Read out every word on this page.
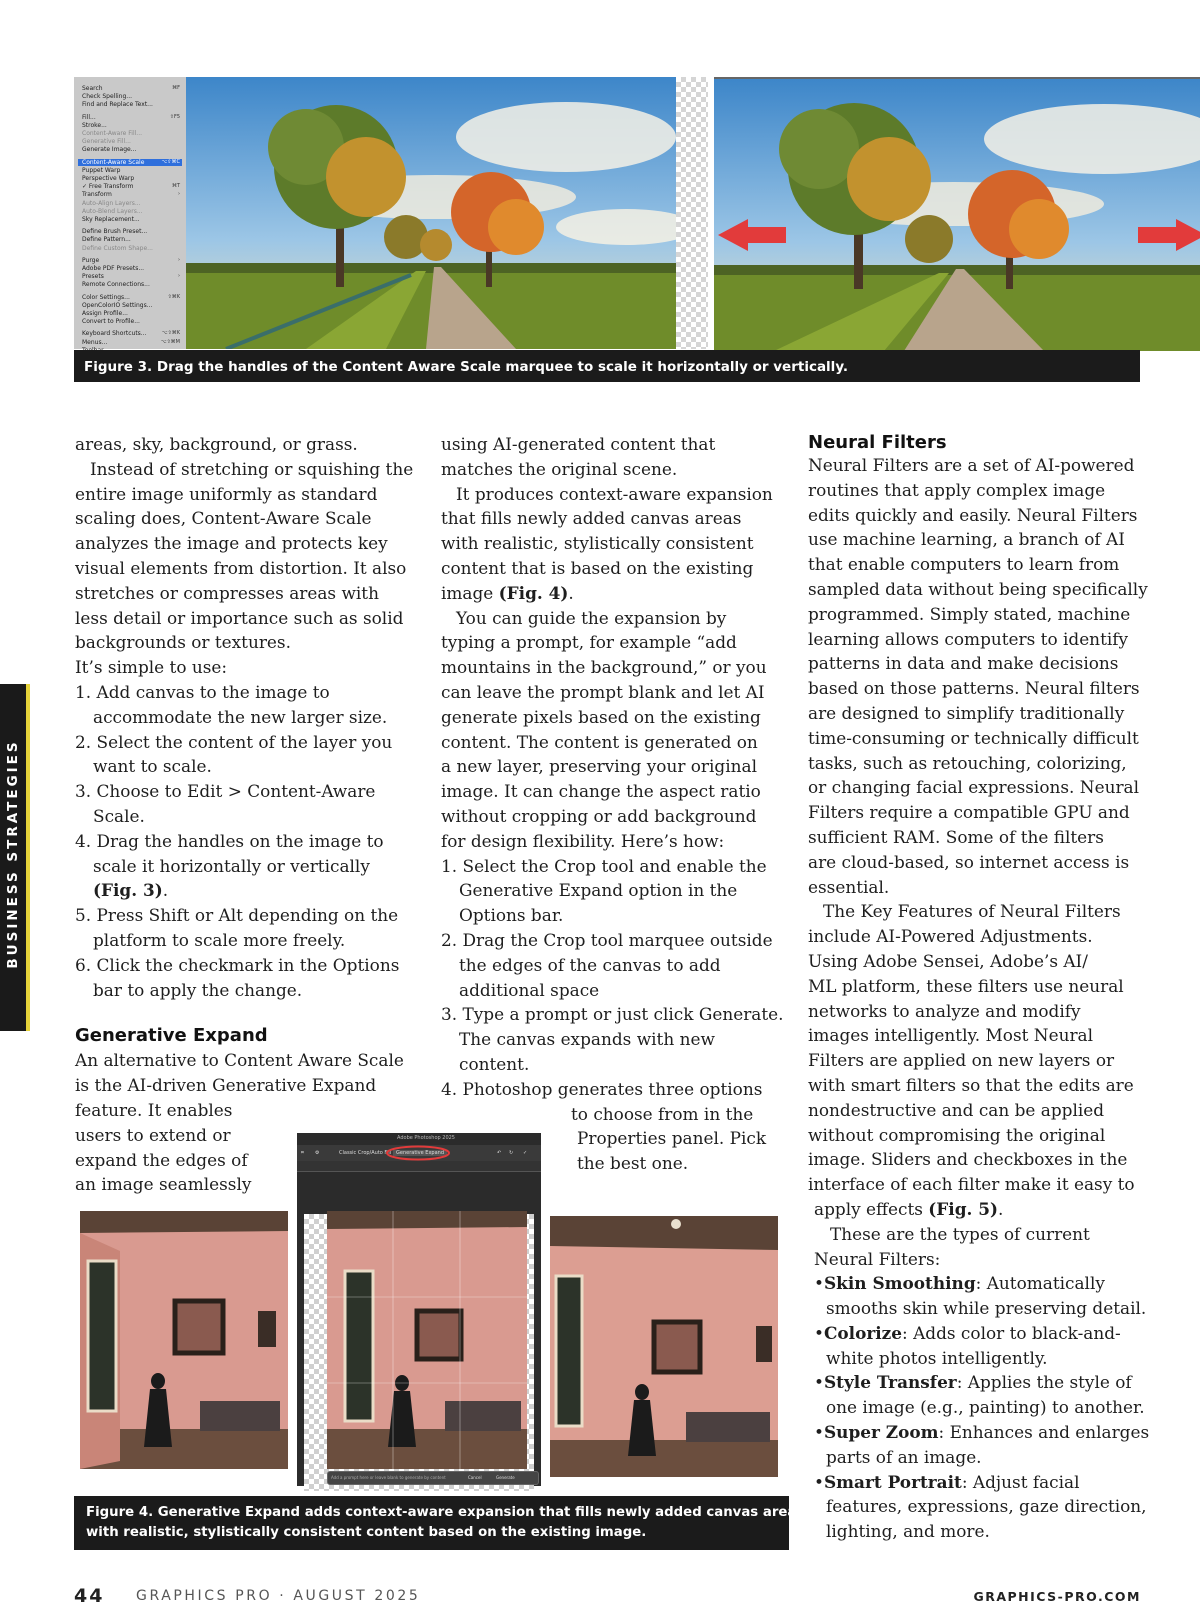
Search	⌘F
Check Spelling...
Find and Replace Text...
Fill...	⇧F5
Stroke...
Content-Aware Fill...
Generative Fill...
Generate Image...
Content-Aware Scale	⌥⇧⌘C
Puppet Warp
Perspective Warp
✓ Free Transform	⌘T
Transform	›
Auto-Align Layers...
Auto-Blend Layers...
Sky Replacement...
Define Brush Preset...
Define Pattern...
Define Custom Shape...
Purge	›
Adobe PDF Presets...
Presets	›
Remote Connections...
Color Settings...	⇧⌘K
OpenColorIO Settings...
Assign Profile...
Convert to Profile...
Keyboard Shortcuts...	⌥⇧⌘K
Menus...	⌥⇧⌘M
Figure 3. Drag the handles of the Content Aware Scale marquee to scale it horizontally or vertically.
BUSINESS STRATEGIES

areas, sky, background, or grass.

Instead of stretching or squishing the

entire image uniformly as standard

scaling does, Content-Aware Scale

analyzes the image and protects key

visual elements from distortion. It also

stretches or compresses areas with

less detail or importance such as solid

backgrounds or textures.

It’s simple to use:

1. Add canvas to the image to

accommodate the new larger size.

2. Select the content of the layer you

want to scale.

3. Choose to Edit > Content-Aware

Scale.

4. Drag the handles on the image to

scale it horizontally or vertically

(Fig. 3).

5. Press Shift or Alt depending on the

platform to scale more freely.

6. Click the checkmark in the Options

bar to apply the change.

Generative Expand

An alternative to Content Aware Scale

is the AI-driven Generative Expand

feature. It enables

users to extend or

expand the edges of

an image seamlessly

using AI-generated content that

matches the original scene.

It produces context-aware expansion

that fills newly added canvas areas

with realistic, stylistically consistent

content that is based on the existing

image (Fig. 4).

You can guide the expansion by

typing a prompt, for example “add

mountains in the background,” or you

can leave the prompt blank and let AI

generate pixels based on the existing

content. The content is generated on

a new layer, preserving your original

image. It can change the aspect ratio

without cropping or add background

for design flexibility. Here’s how:

1. Select the Crop tool and enable the

Generative Expand option in the

Options bar.

2. Drag the Crop tool marquee outside

the edges of the canvas to add

additional space

3. Type a prompt or just click Generate.

The canvas expands with new

content.

4. Photoshop generates three options

to choose from in the

Properties panel. Pick

the best one.

Neural Filters

Neural Filters are a set of AI-powered

routines that apply complex image

edits quickly and easily. Neural Filters

use machine learning, a branch of AI

that enable computers to learn from

sampled data without being specifically

programmed. Simply stated, machine

learning allows computers to identify

patterns in data and make decisions

based on those patterns. Neural filters

are designed to simplify traditionally

time-consuming or technically difficult

tasks, such as retouching, colorizing,

or changing facial expressions. Neural

Filters require a compatible GPU and

sufficient RAM. Some of the filters

are cloud-based, so internet access is

essential.

The Key Features of Neural Filters

include AI-Powered Adjustments.

Using Adobe Sensei, Adobe’s AI/

ML platform, these filters use neural

networks to analyze and modify

images intelligently. Most Neural

Filters are applied on new layers or

with smart filters so that the edits are

nondestructive and can be applied

without compromising the original

image. Sliders and checkboxes in the

interface of each filter make it easy to

apply effects (Fig. 5).

These are the types of current

Neural Filters:

•Skin Smoothing: Automatically

smooths skin while preserving detail.

•Colorize: Adds color to black-and-

white photos intelligently.

•Style Transfer: Applies the style of

one image (e.g., painting) to another.

•Super Zoom: Enhances and enlarges

parts of an image.

•Smart Portrait: Adjust facial

features, expressions, gaze direction,

lighting, and more.

Adobe Photoshop 2025
⌗ ⚙	Classic Crop/Auto Fill Generative Expand	↶ ↻ ✓
Add a prompt here or leave blank to generate by content	Cancel	Generate
Figure 4. Generative Expand adds context-aware expansion that fills newly added canvas areas
with realistic, stylistically consistent content based on the existing image.
44 GRAPHICS PRO · AUGUST 2025	GRAPHICS-PRO.COM
